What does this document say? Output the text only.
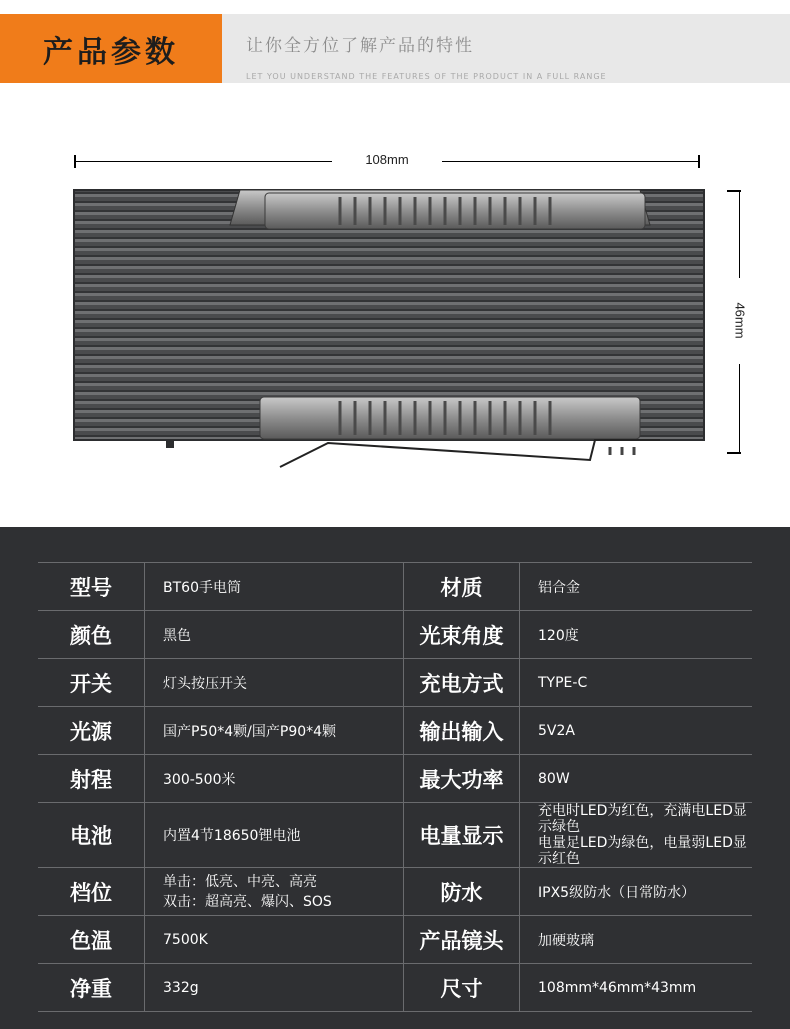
产品参数	让你全方位了解产品的特性
LET YOU UNDERSTAND THE FEATURES OF THE PRODUCT IN A FULL RANGE
108mm
46mm
型号	BT60手电筒	材质	铝合金
颜色	黑色	光束角度	120度
开关	灯头按压开关	充电方式	TYPE-C
光源	国产P50*4颗/国产P90*4颗	输出输入	5V2A
射程	300-500米	最大功率	80W
电池	内置4节18650锂电池	电量显示	充电时LED为红色，充满电LED显示绿色
电量足LED为绿色，电量弱LED显示红色

档位	单击：低亮、中亮、高亮
双击：超高亮、爆闪、SOS	防水	IPX5级防水（日常防水）
色温	7500K	产品镜头	加硬玻璃
净重	332g	尺寸	108mm*46mm*43mm
